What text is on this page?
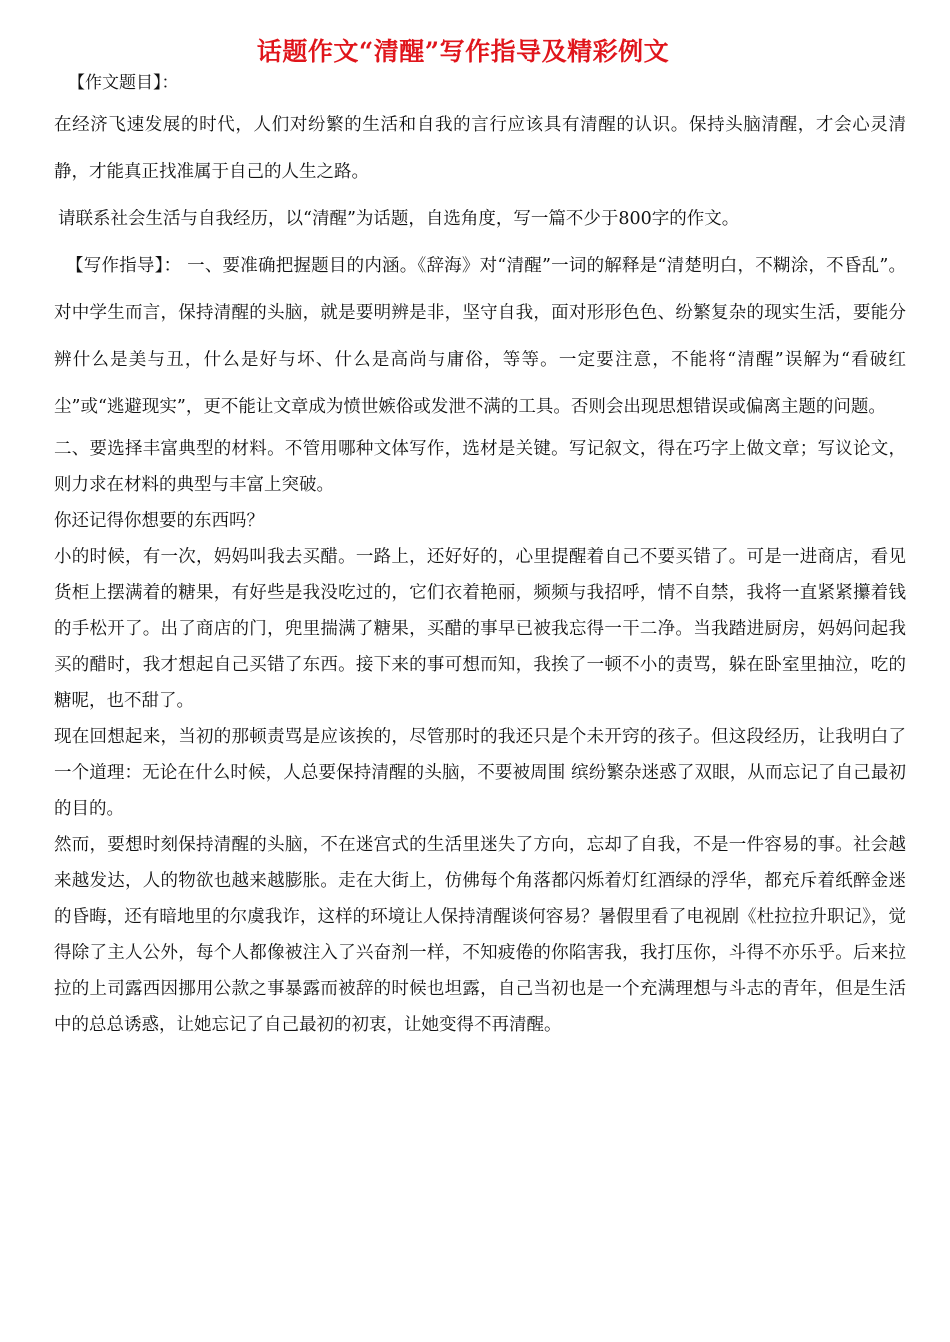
话题作文“清醒”写作指导及精彩例文
【作文题目】：

在经济飞速发展的时代，人们对纷繁的生活和自我的言行应该具有清醒的认识。保持头脑清醒，才会心灵清静，才能真正找准属于自己的人生之路。

请联系社会生活与自我经历，以“清醒”为话题，自选角度，写一篇不少于800字的作文。

【写作指导】： 一、要准确把握题目的内涵。《辞海》对“清醒”一词的解释是“清楚明白，不糊涂，不昏乱”。对中学生而言，保持清醒的头脑，就是要明辨是非，坚守自我，面对形形色色、纷繁复杂的现实生活，要能分辨什么是美与丑，什么是好与坏、什么是高尚与庸俗，等等。一定要注意，不能将“清醒”误解为“看破红尘”或“逃避现实”，更不能让文章成为愤世嫉俗或发泄不满的工具。否则会出现思想错误或偏离主题的问题。

二、要选择丰富典型的材料。不管用哪种文体写作，选材是关键。写记叙文，得在巧字上做文章；写议论文，则力求在材料的典型与丰富上突破。

你还记得你想要的东西吗？

小的时候，有一次，妈妈叫我去买醋。一路上，还好好的，心里提醒着自己不要买错了。可是一进商店，看见货柜上摆满着的糖果，有好些是我没吃过的，它们衣着艳丽，频频与我招呼，情不自禁，我将一直紧紧攥着钱的手松开了。出了商店的门，兜里揣满了糖果，买醋的事早已被我忘得一干二净。当我踏进厨房，妈妈问起我买的醋时，我才想起自己买错了东西。接下来的事可想而知，我挨了一顿不小的责骂，躲在卧室里抽泣，吃的糖呢，也不甜了。

现在回想起来，当初的那顿责骂是应该挨的，尽管那时的我还只是个未开窍的孩子。但这段经历，让我明白了一个道理：无论在什么时候，人总要保持清醒的头脑，不要被周围 缤纷繁杂迷惑了双眼，从而忘记了自己最初的目的。

然而，要想时刻保持清醒的头脑，不在迷宫式的生活里迷失了方向，忘却了自我，不是一件容易的事。社会越来越发达，人的物欲也越来越膨胀。走在大街上，仿佛每个角落都闪烁着灯红酒绿的浮华，都充斥着纸醉金迷的昏晦，还有暗地里的尔虞我诈，这样的环境让人保持清醒谈何容易？暑假里看了电视剧《杜拉拉升职记》，觉得除了主人公外，每个人都像被注入了兴奋剂一样，不知疲倦的你陷害我，我打压你，斗得不亦乐乎。后来拉拉的上司露西因挪用公款之事暴露而被辞的时候也坦露，自己当初也是一个充满理想与斗志的青年，但是生活中的总总诱惑，让她忘记了自己最初的初衷，让她变得不再清醒。
